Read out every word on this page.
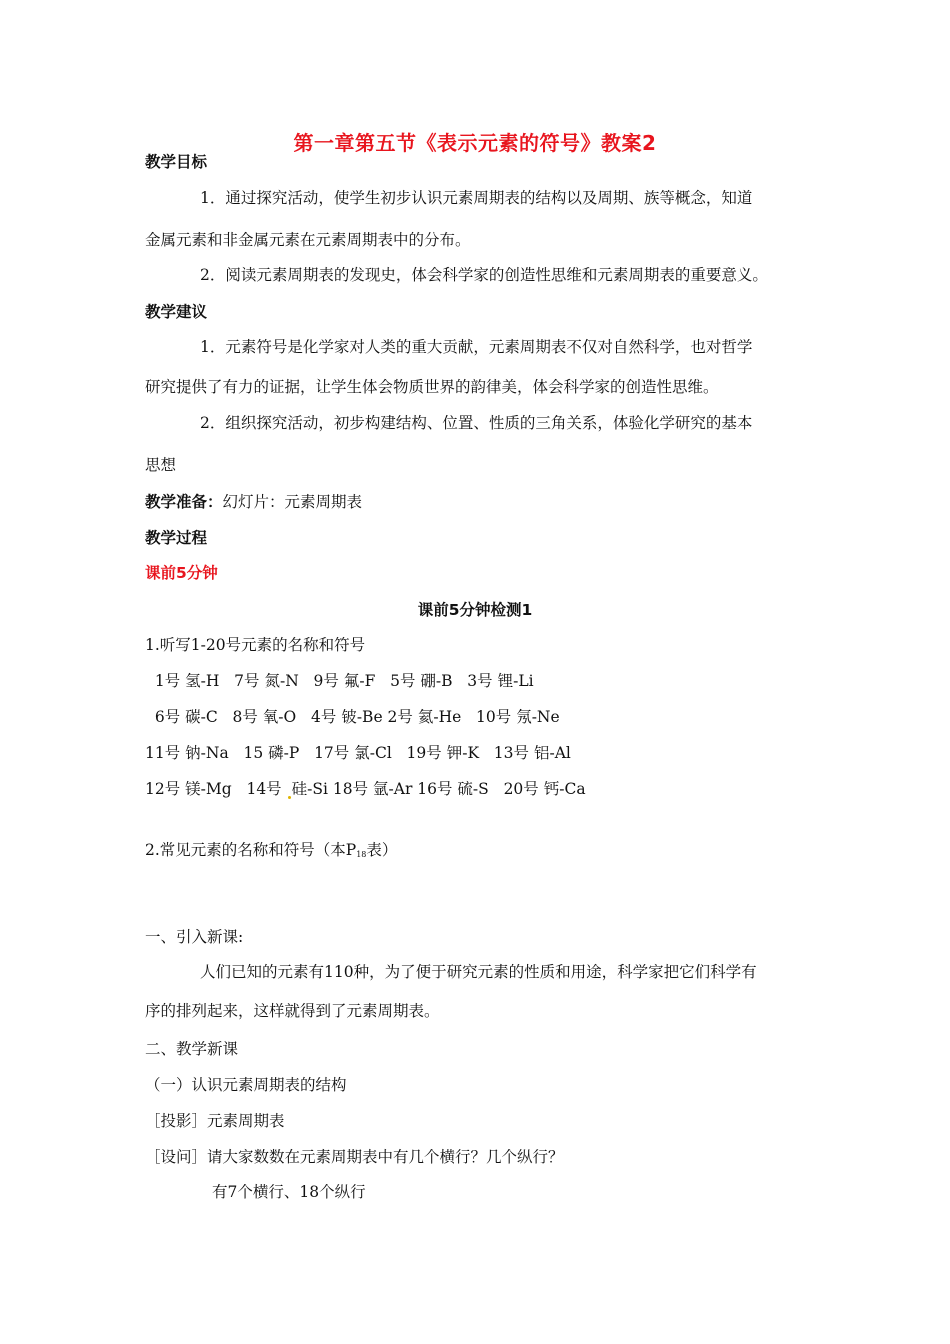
第一章第五节《表示元素的符号》教案2
教学目标
1．通过探究活动，使学生初步认识元素周期表的结构以及周期、族等概念，知道
金属元素和非金属元素在元素周期表中的分布。
2．阅读元素周期表的发现史，体会科学家的创造性思维和元素周期表的重要意义。
教学建议
1．元素符号是化学家对人类的重大贡献，元素周期表不仅对自然科学，也对哲学
研究提供了有力的证据，让学生体会物质世界的韵律美，体会科学家的创造性思维。
2．组织探究活动，初步构建结构、位置、性质的三角关系，体验化学研究的基本
思想
教学准备：幻灯片：元素周期表
教学过程
课前5分钟
课前5分钟检测1
1.听写1-20号元素的名称和符号
1号 氢-H   7号 氮-N   9号 氟-F   5号 硼-B   3号 锂-Li
6号 碳-C   8号 氧-O   4号 铍-Be 2号 氦-He   10号 氖-Ne
11号 钠-Na   15 磷-P   17号 氯-Cl   19号 钾-K   13号 铝-Al
12号 镁-Mg   14号 硅-Si 18号 氩-Ar 16号 硫-S   20号 钙-Ca
2.常见元素的名称和符号（本$P_{18}$表）
一、引入新课:
人们已知的元素有110种，为了便于研究元素的性质和用途，科学家把它们科学有
序的排列起来，这样就得到了元素周期表。
二、教学新课
（一）认识元素周期表的结构
［投影］元素周期表
［设问］请大家数数在元素周期表中有几个横行？几个纵行？
有7个横行、18个纵行
